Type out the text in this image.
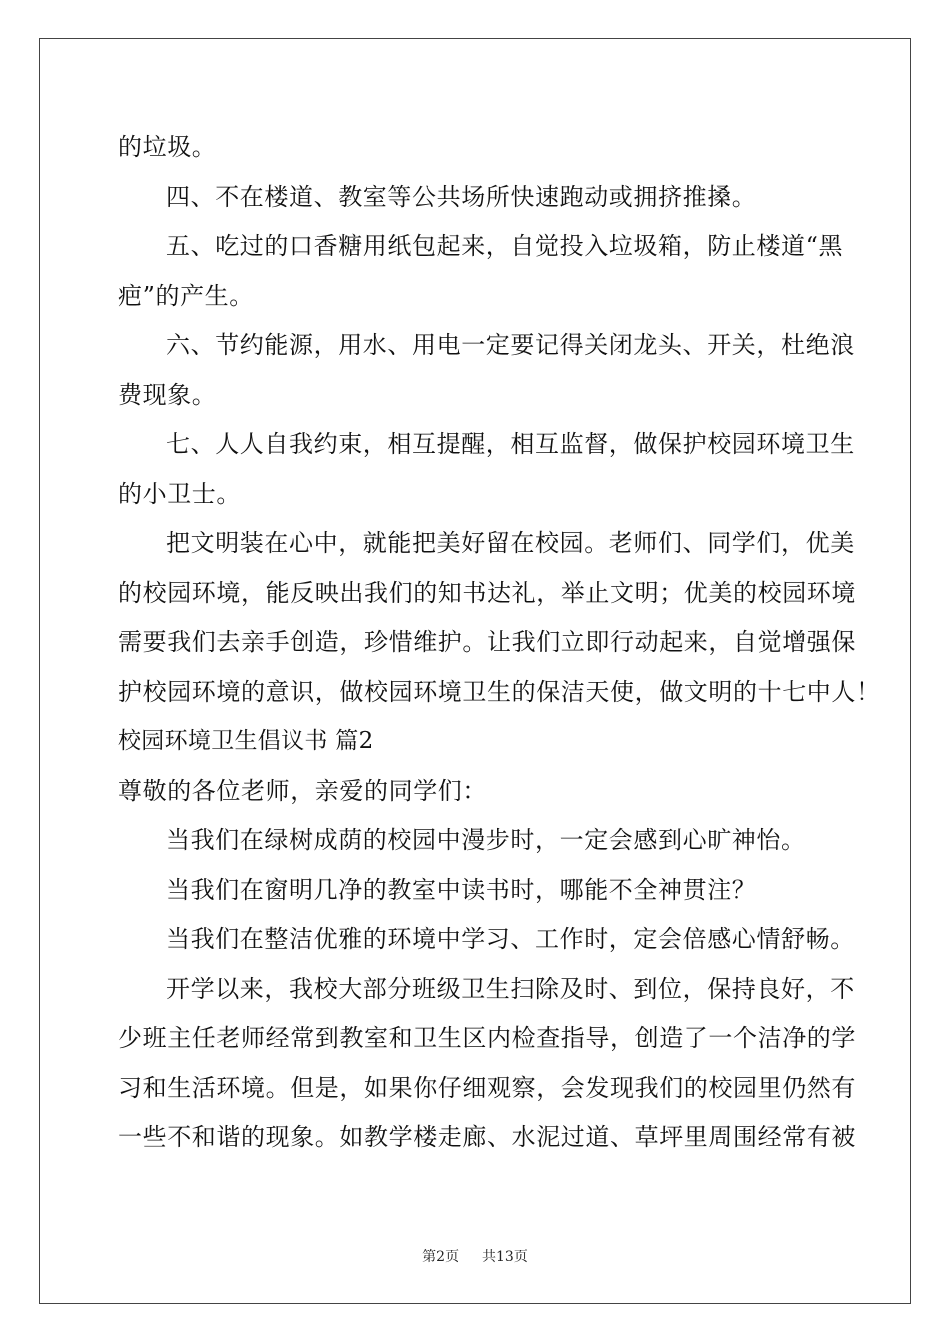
的垃圾。
四、不在楼道、教室等公共场所快速跑动或拥挤推搡。
五、吃过的口香糖用纸包起来，自觉投入垃圾箱，防止楼道“黑
疤”的产生。
六、节约能源，用水、用电一定要记得关闭龙头、开关，杜绝浪
费现象。
七、人人自我约束，相互提醒，相互监督，做保护校园环境卫生
的小卫士。
把文明装在心中，就能把美好留在校园。老师们、同学们，优美
的校园环境，能反映出我们的知书达礼，举止文明；优美的校园环境
需要我们去亲手创造，珍惜维护。让我们立即行动起来，自觉增强保
护校园环境的意识，做校园环境卫生的保洁天使，做文明的十七中人！
校园环境卫生倡议书 篇2
尊敬的各位老师，亲爱的同学们：
当我们在绿树成荫的校园中漫步时，一定会感到心旷神怡。
当我们在窗明几净的教室中读书时，哪能不全神贯注？
当我们在整洁优雅的环境中学习、工作时，定会倍感心情舒畅。
开学以来，我校大部分班级卫生扫除及时、到位，保持良好，不
少班主任老师经常到教室和卫生区内检查指导，创造了一个洁净的学
习和生活环境。但是，如果你仔细观察，会发现我们的校园里仍然有
一些不和谐的现象。如教学楼走廊、水泥过道、草坪里周围经常有被
第2页 共13页
